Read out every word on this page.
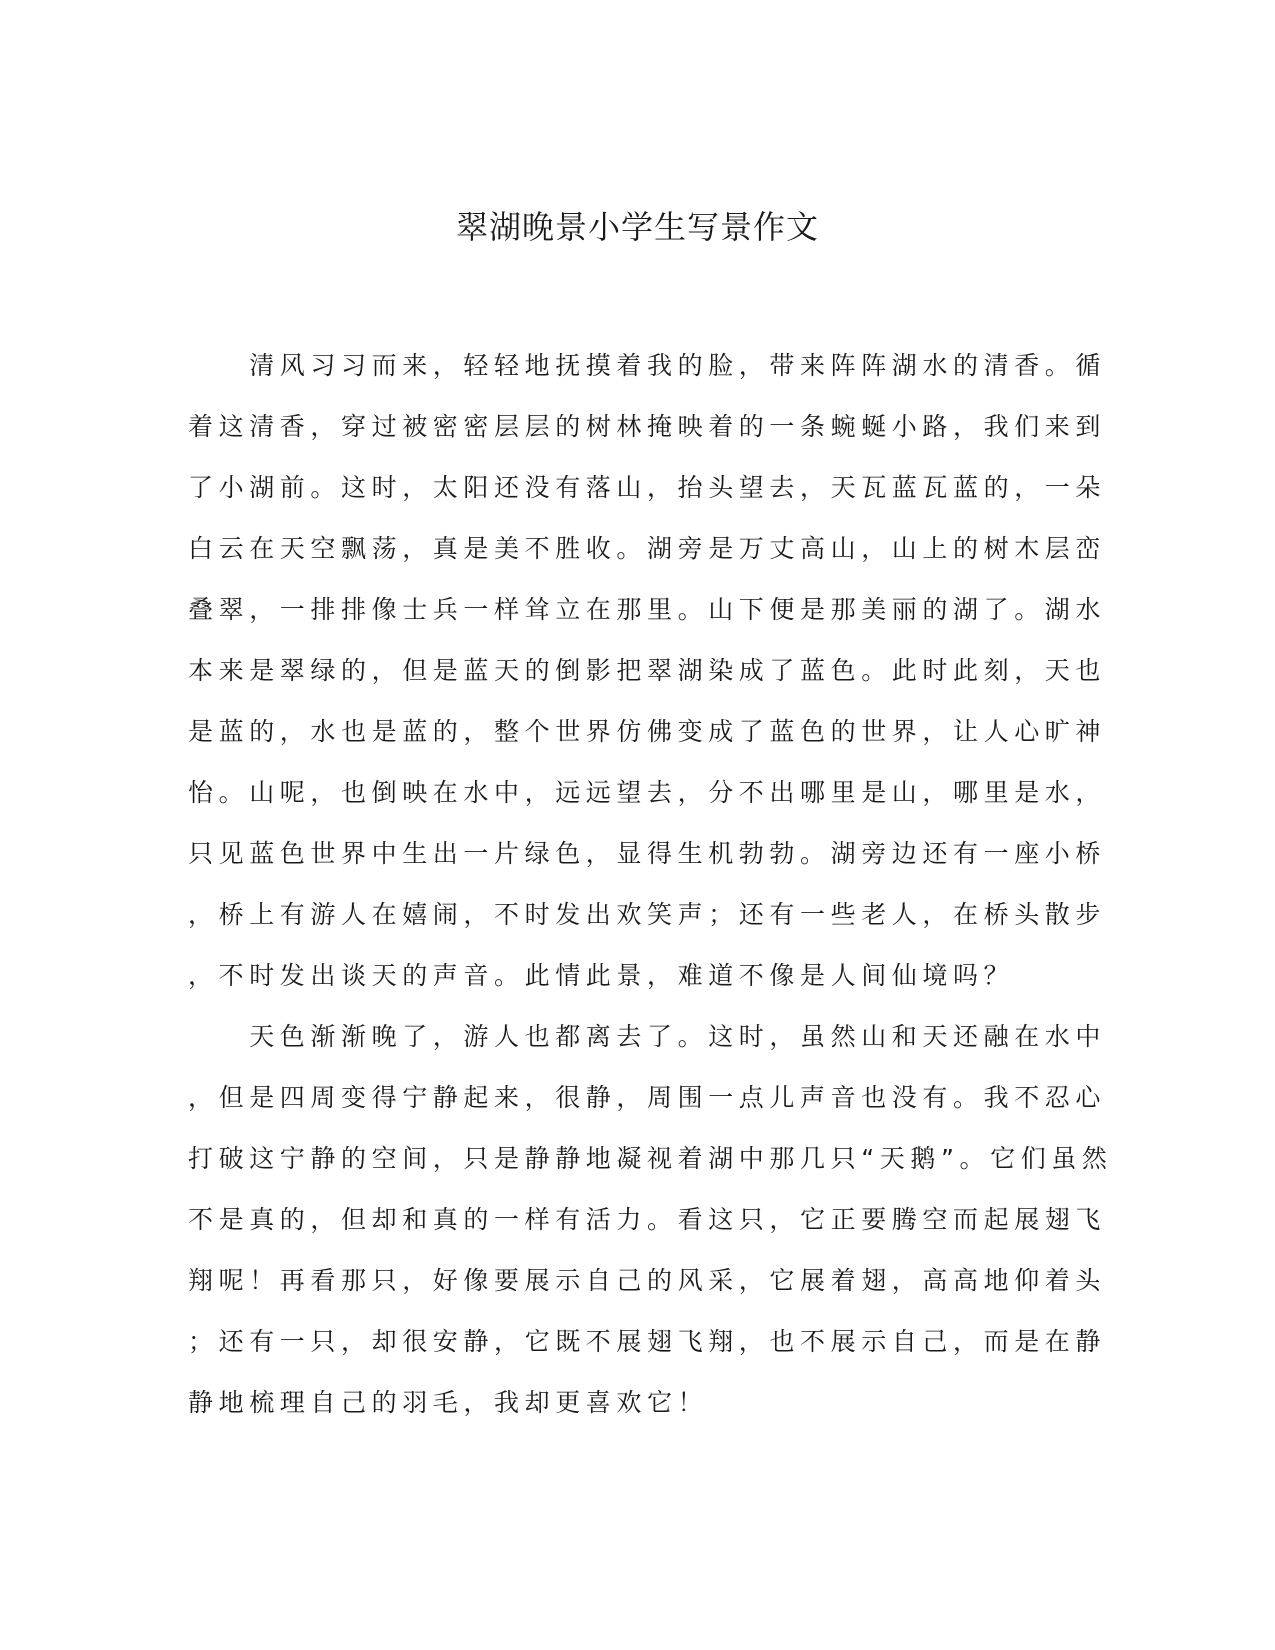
翠湖晚景小学生写景作文
　　清风习习而来，轻轻地抚摸着我的脸，带来阵阵湖水的清香。循
着这清香，穿过被密密层层的树林掩映着的一条蜿蜒小路，我们来到
了小湖前。这时，太阳还没有落山，抬头望去，天瓦蓝瓦蓝的，一朵
白云在天空飘荡，真是美不胜收。湖旁是万丈高山，山上的树木层峦
叠翠，一排排像士兵一样耸立在那里。山下便是那美丽的湖了。湖水
本来是翠绿的，但是蓝天的倒影把翠湖染成了蓝色。此时此刻，天也
是蓝的，水也是蓝的，整个世界仿佛变成了蓝色的世界，让人心旷神
怡。山呢，也倒映在水中，远远望去，分不出哪里是山，哪里是水，
只见蓝色世界中生出一片绿色，显得生机勃勃。湖旁边还有一座小桥
，桥上有游人在嬉闹，不时发出欢笑声；还有一些老人，在桥头散步
，不时发出谈天的声音。此情此景，难道不像是人间仙境吗？
　　天色渐渐晚了，游人也都离去了。这时，虽然山和天还融在水中
，但是四周变得宁静起来，很静，周围一点儿声音也没有。我不忍心
打破这宁静的空间，只是静静地凝视着湖中那几只“天鹅”。它们虽然
不是真的，但却和真的一样有活力。看这只，它正要腾空而起展翅飞
翔呢！再看那只，好像要展示自己的风采，它展着翅，高高地仰着头
；还有一只，却很安静，它既不展翅飞翔，也不展示自己，而是在静
静地梳理自己的羽毛，我却更喜欢它！
